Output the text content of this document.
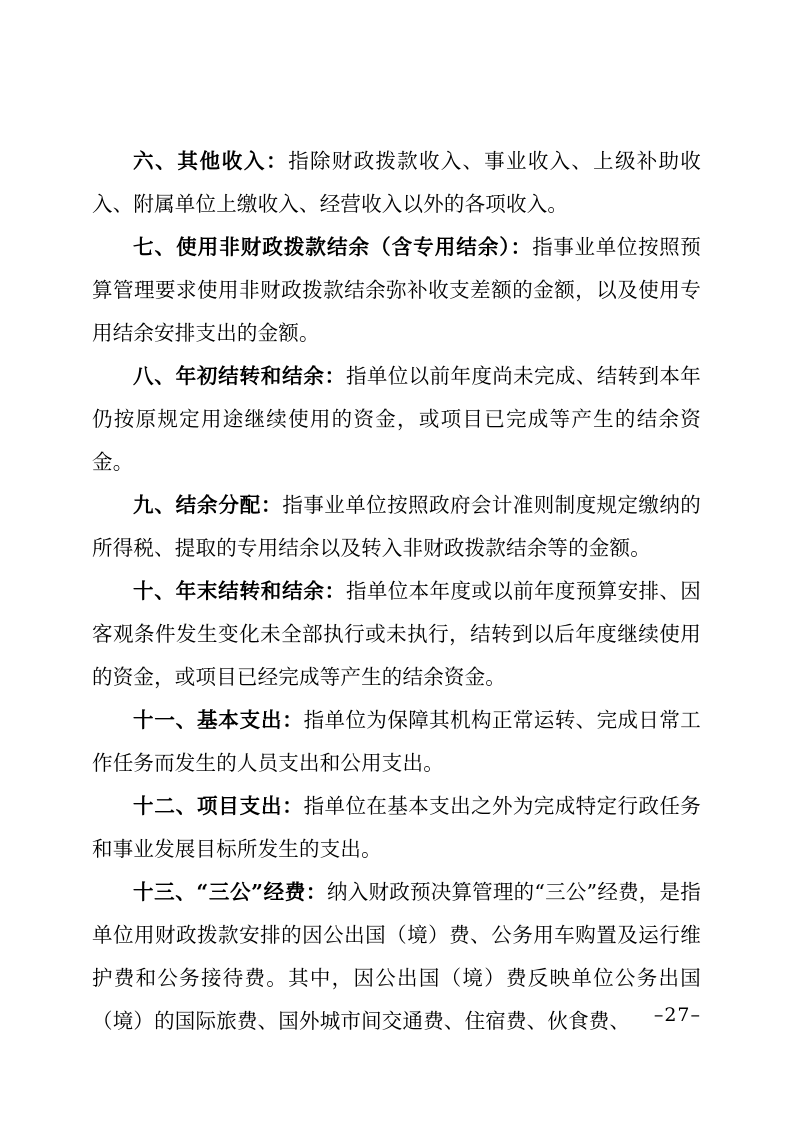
六、其他收入：指除财政拨款收入、事业收入、上级补助收入、附属单位上缴收入、经营收入以外的各项收入。

七、使用非财政拨款结余（含专用结余）：指事业单位按照预算管理要求使用非财政拨款结余弥补收支差额的金额，以及使用专用结余安排支出的金额。

八、年初结转和结余：指单位以前年度尚未完成、结转到本年仍按原规定用途继续使用的资金，或项目已完成等产生的结余资金。

九、结余分配：指事业单位按照政府会计准则制度规定缴纳的所得税、提取的专用结余以及转入非财政拨款结余等的金额。

十、年末结转和结余：指单位本年度或以前年度预算安排、因客观条件发生变化未全部执行或未执行，结转到以后年度继续使用的资金，或项目已经完成等产生的结余资金。

十一、基本支出：指单位为保障其机构正常运转、完成日常工作任务而发生的人员支出和公用支出。

十二、项目支出：指单位在基本支出之外为完成特定行政任务和事业发展目标所发生的支出。

十三、“三公”经费：纳入财政预决算管理的“三公”经费，是指单位用财政拨款安排的因公出国（境）费、公务用车购置及运行维护费和公务接待费。其中，因公出国（境）费反映单位公务出国（境）的国际旅费、国外城市间交通费、住宿费、伙食费、	–27–
